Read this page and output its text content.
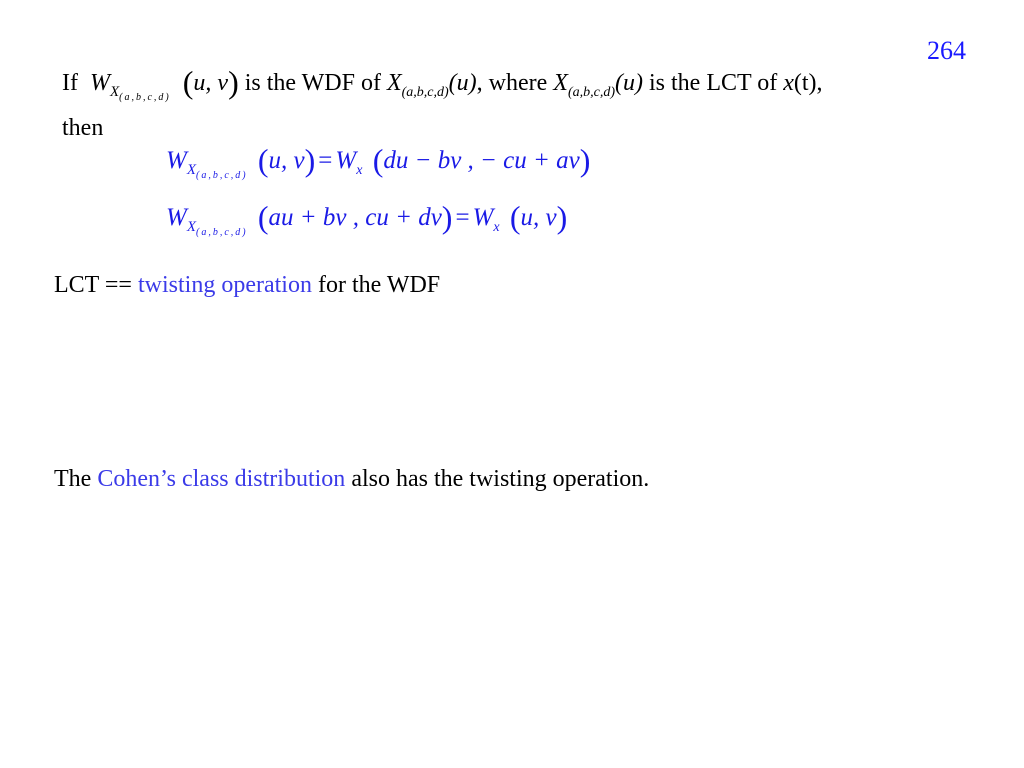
264
If $W_{X(a,b,c,d)}$ (u, v) is the WDF of $X_{(a,b,c,d)}(u)$, where $X_{(a,b,c,d)}(u)$ is the LCT of x(t),
then
$W_{X(a,b,c,d)}$ (u, $v) = W_x$ (du − bv , − cu + av)
$W_{X(a,b,c,d)}$ (au + bv , cu + $dv) = W_x$ (u, v)
LCT == twisting operation for the WDF
The Cohen’s class distribution also has the twisting operation.
